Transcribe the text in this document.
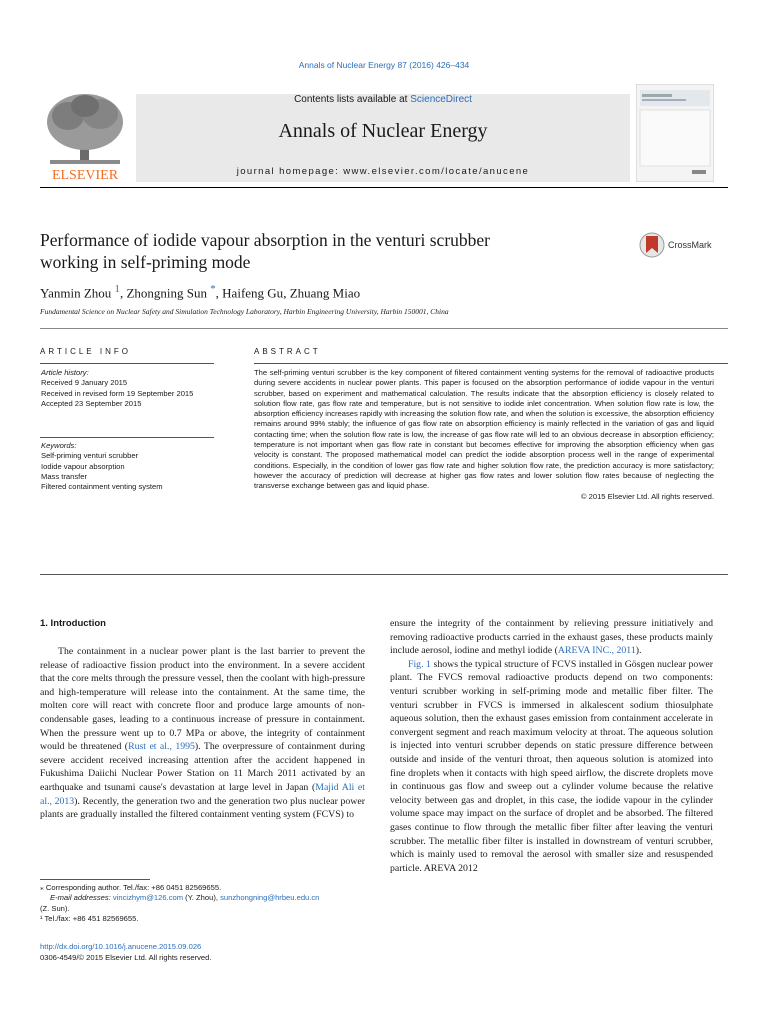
Annals of Nuclear Energy 87 (2016) 426–434
ELSEVIER
Contents lists available at ScienceDirect
Annals of Nuclear Energy
journal homepage: www.elsevier.com/locate/anucene
Performance of iodide vapour absorption in the venturi scrubber
working in self-priming mode
CrossMark
Yanmin Zhou $^1$, Zhongning Sun *, Haifeng Gu, Zhuang Miao
Fundamental Science on Nuclear Safety and Simulation Technology Laboratory, Harbin Engineering University, Harbin 150001, China
ARTICLE INFO	ABSTRACT
Article history:
Received 9 January 2015
Received in revised form 19 September 2015
Accepted 23 September 2015
Keywords:
Self-priming venturi scrubber
Iodide vapour absorption
Mass transfer
Filtered containment venting system
The self-priming venturi scrubber is the key component of filtered containment venting systems for the removal of radioactive products during severe accidents in nuclear power plants. This paper is focused on the absorption performance of iodide vapour in the venturi scrubber, based on experiment and mathematical calculation. The results indicate that the absorption efficiency is closely related to solution flow rate, gas flow rate and temperature, but is not sensitive to iodide inlet concentration. When solution flow rate is low, the absorption efficiency increases rapidly with increasing the solution flow rate, and when the solution is excessive, the absorption efficiency remains around 99% stably; the influence of gas flow rate on absorption efficiency is mainly reflected in the variation of gas and liquid contacting time; when the solution flow rate is low, the increase of gas flow rate will led to an obvious decrease in absorption efficiency; temperature is not important when gas flow rate in constant but becomes effective for improving the absorption efficiency when gas velocity is constant. The proposed mathematical model can predict the iodide absorption process well in the range of experimental conditions. Especially, in the condition of lower gas flow rate and higher solution flow rate, the prediction accuracy is more satisfactory; however the accuracy of prediction will decrease at higher gas flow rates and lower solution flow rates because of neglecting the transverse exchange between gas and liquid phase.
© 2015 Elsevier Ltd. All rights reserved.
1. Introduction
The containment in a nuclear power plant is the last barrier to prevent the release of radioactive fission product into the environment. In a severe accident that the core melts through the pressure vessel, then the coolant with high-pressure and high-temperature will release into the containment. At the same time, the molten core will react with concrete floor and produce large amounts of non-condensable gases, leading to a continuous increase of pressure in containment. When the pressure went up to 0.7 MPa or above, the integrity of containment would be threatened (Rust et al., 1995). The overpressure of containment during severe accident received increasing attention after the accident happened in Fukushima Daiichi Nuclear Power Station on 11 March 2011 activated by an earthquake and tsunami cause's devastation at large level in Japan (Majid Ali et al., 2013). Recently, the generation two and the generation two plus nuclear power plants are gradually installed the filtered containment venting system (FCVS) to

ensure the integrity of the containment by relieving pressure initiatively and removing radioactive products carried in the exhaust gases, these products mainly include aerosol, iodine and methyl iodide (AREVA INC., 2011).

Fig. 1 shows the typical structure of FCVS installed in Gösgen nuclear power plant. The FVCS removal radioactive products depend on two components: venturi scrubber working in self-priming mode and metallic fiber filter. The venturi scrubber in FVCS is immersed in alkalescent sodium thiosulphate aqueous solution, then the exhaust gases emission from containment accelerate in convergent segment and reach maximum velocity at throat. The aqueous solution is injected into venturi scrubber depends on static pressure difference between outside and inside of the venturi throat, then aqueous solution is atomized into fine droplets when it contacts with high speed airflow, the discrete droplets move in continuous gas flow and sweep out a cylinder volume because the relative velocity between gas and droplet, in this case, the iodide vapour in the cylinder volume space may impact on the surface of droplet and be absorbed. The filtered gases continue to flow through the metallic fiber filter after leaving the venturi scrubber. The metallic fiber filter is installed in downstream of venturi scrubber, which is mainly used to removal the aerosol with smaller size and resuspended particle. AREVA 2012

⁎ Corresponding author. Tel./fax: +86 0451 82569655.
E-mail addresses: vincizhym@126.com (Y. Zhou), sunzhongning@hrbeu.edu.cn
(Z. Sun).
¹ Tel./fax: +86 451 82569655.
http://dx.doi.org/10.1016/j.anucene.2015.09.026
0306-4549/© 2015 Elsevier Ltd. All rights reserved.
